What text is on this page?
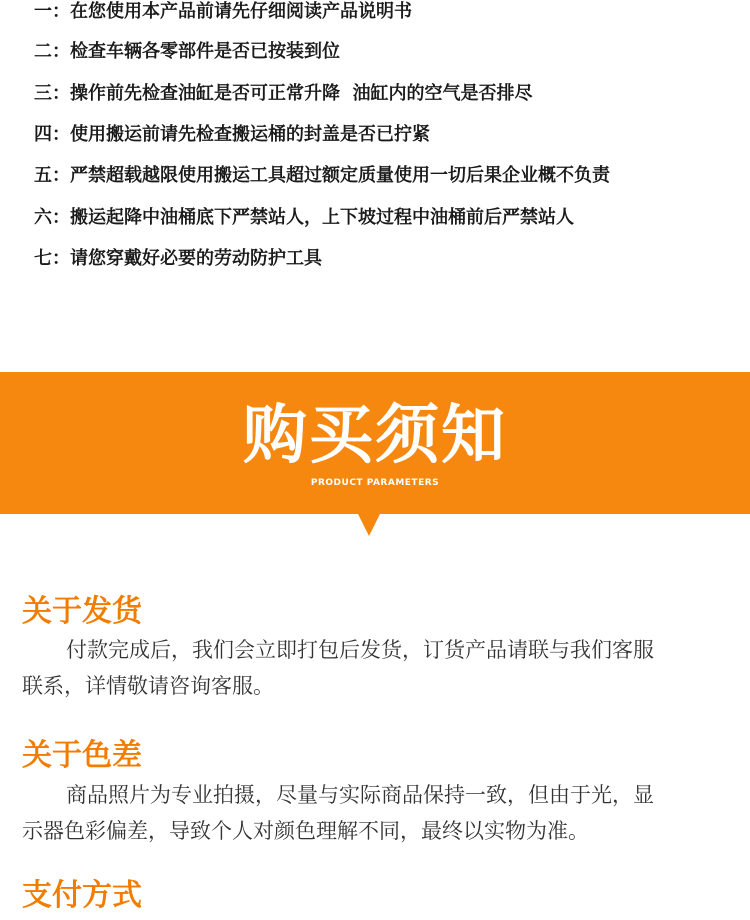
一：在您使用本产品前请先仔细阅读产品说明书
二：检查车辆各零部件是否已按装到位
三：操作前先检查油缸是否可正常升降  油缸内的空气是否排尽
四：使用搬运前请先检查搬运桶的封盖是否已拧紧
五：严禁超载越限使用搬运工具超过额定质量使用一切后果企业概不负责
六：搬运起降中油桶底下严禁站人，上下坡过程中油桶前后严禁站人
七：请您穿戴好必要的劳动防护工具
购买须知
PRODUCT PARAMETERS
关于发货
付款完成后，我们会立即打包后发货，订货产品请联与我们客服
联系，详情敬请咨询客服。
关于色差
商品照片为专业拍摄，尽量与实际商品保持一致，但由于光，显
示器色彩偏差，导致个人对颜色理解不同，最终以实物为准。
支付方式
